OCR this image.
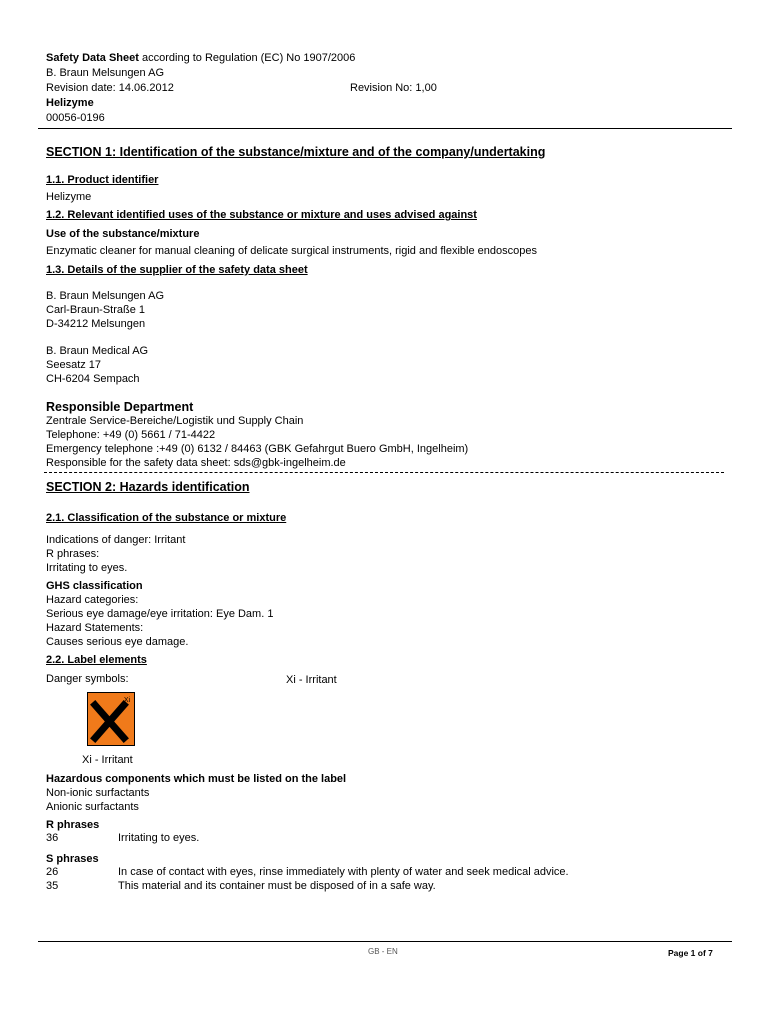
Safety Data Sheet according to Regulation (EC) No 1907/2006
B. Braun Melsungen AG
Revision date: 14.06.2012	Revision No: 1,00
Helizyme
00056-0196
SECTION 1: Identification of the substance/mixture and of the company/undertaking
1.1. Product identifier
Helizyme
1.2. Relevant identified uses of the substance or mixture and uses advised against
Use of the substance/mixture
Enzymatic cleaner for manual cleaning of delicate surgical instruments, rigid and flexible endoscopes
1.3. Details of the supplier of the safety data sheet
B. Braun Melsungen AG
Carl-Braun-Straße 1
D-34212 Melsungen
B. Braun Medical AG
Seesatz 17
CH-6204 Sempach
Responsible Department
Zentrale Service-Bereiche/Logistik und Supply Chain
Telephone: +49 (0) 5661 / 71-4422
Emergency telephone :+49 (0) 6132 / 84463 (GBK Gefahrgut Buero GmbH, Ingelheim)
Responsible for the safety data sheet: sds@gbk-ingelheim.de
SECTION 2: Hazards identification
2.1. Classification of the substance or mixture
Indications of danger: Irritant
R phrases:
Irritating to eyes.
GHS classification
Hazard categories:
Serious eye damage/eye irritation: Eye Dam. 1
Hazard Statements:
Causes serious eye damage.
2.2. Label elements
Danger symbols:	Xi - Irritant
Xi
Xi - Irritant
Hazardous components which must be listed on the label
Non-ionic surfactants
Anionic surfactants
R phrases
36	Irritating to eyes.
S phrases
26	In case of contact with eyes, rinse immediately with plenty of water and seek medical advice.
35	This material and its container must be disposed of in a safe way.
GB - EN	Page 1 of 7
